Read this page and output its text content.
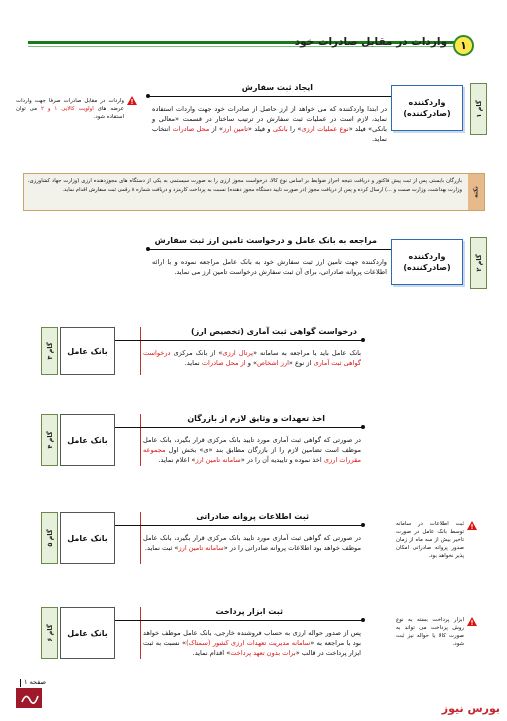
واردات در مقابل صادرات خود	۱
گام ۱
واردکننده (صادرکننده)
ایجاد ثبت سفارش
در ابتدا واردکننده که می خواهد از ارز حاصل از صادرات خود جهت واردات استفاده نماید، لازم است در عملیات ثبت سفارش در ترتیب ساختار در قسمت «معالی و بانکی» فیلد «نوع عملیات ارزی» را بانکی و فیلد «تامین ارز» از محل صادرات انتخاب نماید.
واردات در مقابل صادرات صرفا جهت واردات عرضه های اولویت کالایی ۱ و ۲ می توان استفاده شود.
نکته
بازرگان بایستی پس از ثبت پیش فاکتور و دریافت نتیجه احراز ضوابط بر اساس نوع کالا، درخواست مجوز ارزی را به صورت سیستمی به یکی از دستگاه های مجوزدهنده ارزی (وزارت جهاد کشاورزی، وزارت بهداشت، وزارت صمت و ...) ارسال کرده و پس از دریافت مجوز (در صورت تایید دستگاه مجوز دهنده) نسبت به پرداخت کارمزد و دریافت شماره ۸ رقمی ثبت سفارش اقدام نماید.
گام ۲
واردکننده (صادرکننده)
مراجعه به بانک عامل و درخواست تامین ارز ثبت سفارش
واردکننده جهت تامین ارز ثبت سفارش خود به بانک عامل مراجعه نموده و با ارائه اطلاعات پروانه صادراتی، برای آن ثبت سفارش درخواست تامین ارز می نماید.
گام ۳	بانک عامل
درخواست گواهی ثبت آماری (تخصیص ارز)
بانک عامل باید با مراجعه به سامانه «پرتال ارزی» از بانک مرکزی درخواست گواهی ثبت آماری از نوع «ارز اشخاص» و از محل صادرات نماید.
گام ۴	بانک عامل
اخذ تعهدات و وثایق لازم از بازرگان
در صورتی که گواهی ثبت آماری مورد تایید بانک مرکزی قرار بگیرد، بانک عامل موظف است تضامین لازم را از بازرگان مطابق بند «ی» بخش اول مجموعه مقررات ارزی اخذ نموده و تاییدیه آن را در «سامانه تامین ارز» اعلام نماید.
گام ۵	بانک عامل
ثبت اطلاعات پروانه صادراتی
در صورتی که گواهی ثبت آماری مورد تایید بانک مرکزی قرار بگیرد، بانک عامل موظف خواهد بود اطلاعات پروانه صادراتی را در «سامانه تامین ارز» ثبت نماید.
ثبت اطلاعات در سامانه توسط بانک عامل در صورت تاخیر بیش از سه ماه از زمان صدور پروانه صادراتی امکان پذیر نخواهد بود.
گام ۶	بانک عامل
ثبت ابزار پرداخت
پس از صدور حواله ارزی به حساب فروشنده خارجی، بانک عامل موظف خواهد بود با مراجعه به «سامانه مدیریت تعهدات ارزی کشور (سمتاک)» نسبت به ثبت ابزار پرداخت در قالب «برات بدون تعهد پرداخت» اقدام نماید.
ابزار پرداخت بسته به نوع روش پرداخت می تواند به صورت کالا یا حواله نیز ثبت شود.
صفحه ۱
بورس نیوز
